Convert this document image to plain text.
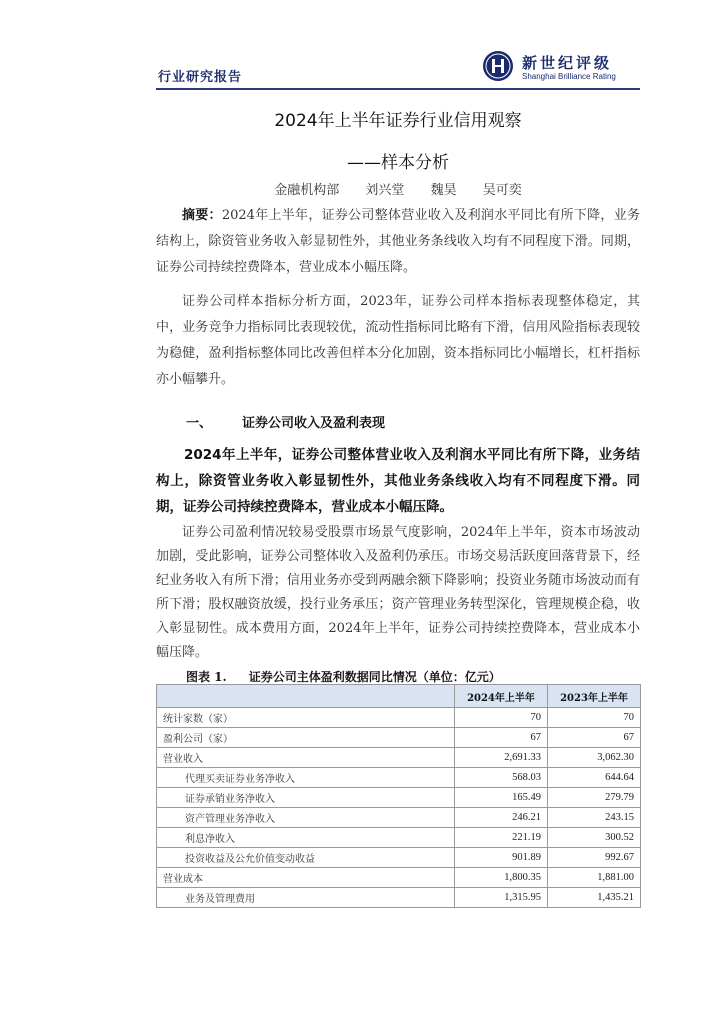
行业研究报告
新世纪评级
Shanghai Brilliance Rating
2024年上半年证券行业信用观察
——样本分析
金融机构部 刘兴堂 魏昊 吴可奕
摘要：2024年上半年，证券公司整体营业收入及利润水平同比有所下降，业务结构上，除资管业务收入彰显韧性外，其他业务条线收入均有不同程度下滑。同期，证券公司持续控费降本，营业成本小幅压降。
证券公司样本指标分析方面，2023年，证券公司样本指标表现整体稳定，其中，业务竞争力指标同比表现较优，流动性指标同比略有下滑，信用风险指标表现较为稳健，盈利指标整体同比改善但样本分化加剧，资本指标同比小幅增长，杠杆指标亦小幅攀升。
一、 证券公司收入及盈利表现
2024年上半年，证券公司整体营业收入及利润水平同比有所下降，业务结构上，除资管业务收入彰显韧性外，其他业务条线收入均有不同程度下滑。同期，证券公司持续控费降本，营业成本小幅压降。
证券公司盈利情况较易受股票市场景气度影响，2024年上半年，资本市场波动加剧，受此影响，证券公司整体收入及盈利仍承压。市场交易活跃度回落背景下，经纪业务收入有所下滑；信用业务亦受到两融余额下降影响；投资业务随市场波动而有所下滑；股权融资放缓，投行业务承压；资产管理业务转型深化，管理规模企稳，收入彰显韧性。成本费用方面，2024年上半年，证券公司持续控费降本，营业成本小幅压降。
图表 1. 证券公司主体盈利数据同比情况（单位：亿元）
	2024年上半年	2023年上半年
统计家数（家）	70	70
盈利公司（家）	67	67
营业收入	2,691.33	3,062.30
代理买卖证券业务净收入	568.03	644.64
证券承销业务净收入	165.49	279.79
资产管理业务净收入	246.21	243.15
利息净收入	221.19	300.52
投资收益及公允价值变动收益	901.89	992.67
营业成本	1,800.35	1,881.00
业务及管理费用	1,315.95	1,435.21
